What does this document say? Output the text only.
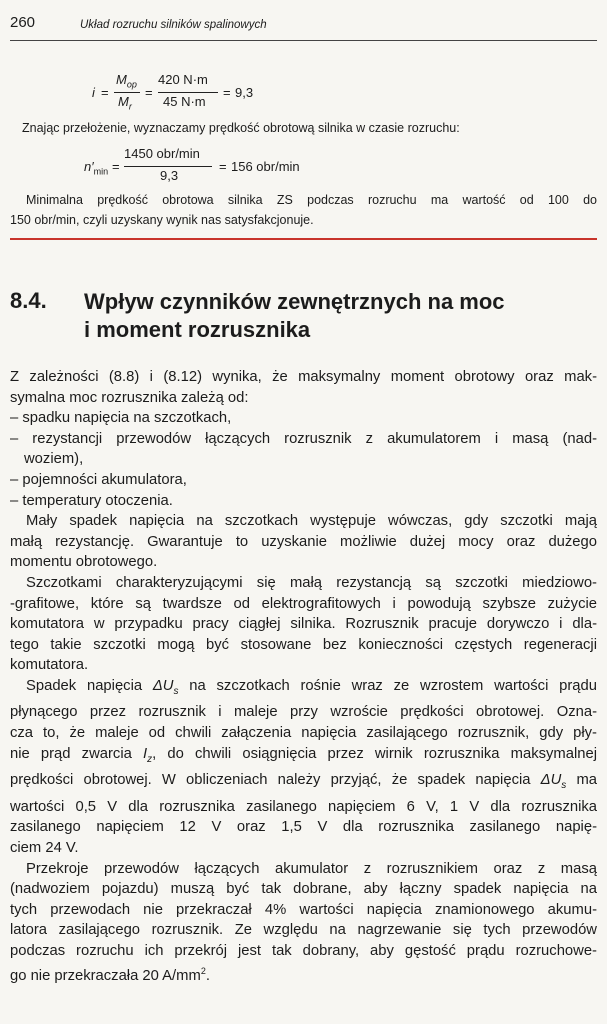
260	Układ rozruchu silników spalinowych
i =
$M_{op}$
$M_r$
=
420 N·m
45 N·m
= 9,3
Znając przełożenie, wyznaczamy prędkość obrotową silnika w czasie rozruchu:
$n'_{min}$ =
1450 obr/min
9,3
= 156 obr/min
Minimalna prędkość obrotowa silnika ZS podczas rozruchu ma wartość od 100 do
150 obr/min, czyli uzyskany wynik nas satysfakcjonuje.
8.4. Wpływ czynników zewnętrznych na moc
i moment rozrusznika
Z zależności (8.8) i (8.12) wynika, że maksymalny moment obrotowy oraz mak-
symalna moc rozrusznika zależą od:
– spadku napięcia na szczotkach,
– rezystancji przewodów łączących rozrusznik z akumulatorem i masą (nad-
woziem),
– pojemności akumulatora,
– temperatury otoczenia.
Mały spadek napięcia na szczotkach występuje wówczas, gdy szczotki mają
małą rezystancję. Gwarantuje to uzyskanie możliwie dużej mocy oraz dużego
momentu obrotowego.
Szczotkami charakteryzującymi się małą rezystancją są szczotki miedziowo-
-grafitowe, które są twardsze od elektrografitowych i powodują szybsze zużycie
komutatora w przypadku pracy ciągłej silnika. Rozrusznik pracuje dorywczo i dla-
tego takie szczotki mogą być stosowane bez konieczności częstych regeneracji
komutatora.
Spadek napięcia $\Delta U_s$ na szczotkach rośnie wraz ze wzrostem wartości prądu
płynącego przez rozrusznik i maleje przy wzroście prędkości obrotowej. Ozna-
cza to, że maleje od chwili załączenia napięcia zasilającego rozrusznik, gdy pły-
nie prąd zwarcia $I_z$, do chwili osiągnięcia przez wirnik rozrusznika maksymalnej
prędkości obrotowej. W obliczeniach należy przyjąć, że spadek napięcia $\Delta U_s$ ma
wartości 0,5 V dla rozrusznika zasilanego napięciem 6 V, 1 V dla rozrusznika
zasilanego napięciem 12 V oraz 1,5 V dla rozrusznika zasilanego napię-
ciem 24 V.
Przekroje przewodów łączących akumulator z rozrusznikiem oraz z masą
(nadwoziem pojazdu) muszą być tak dobrane, aby łączny spadek napięcia na
tych przewodach nie przekraczał 4% wartości napięcia znamionowego akumu-
latora zasilającego rozrusznik. Ze względu na nagrzewanie się tych przewodów
podczas rozruchu ich przekrój jest tak dobrany, aby gęstość prądu rozruchowe-
go nie przekraczała 20 $A/mm^2$.
